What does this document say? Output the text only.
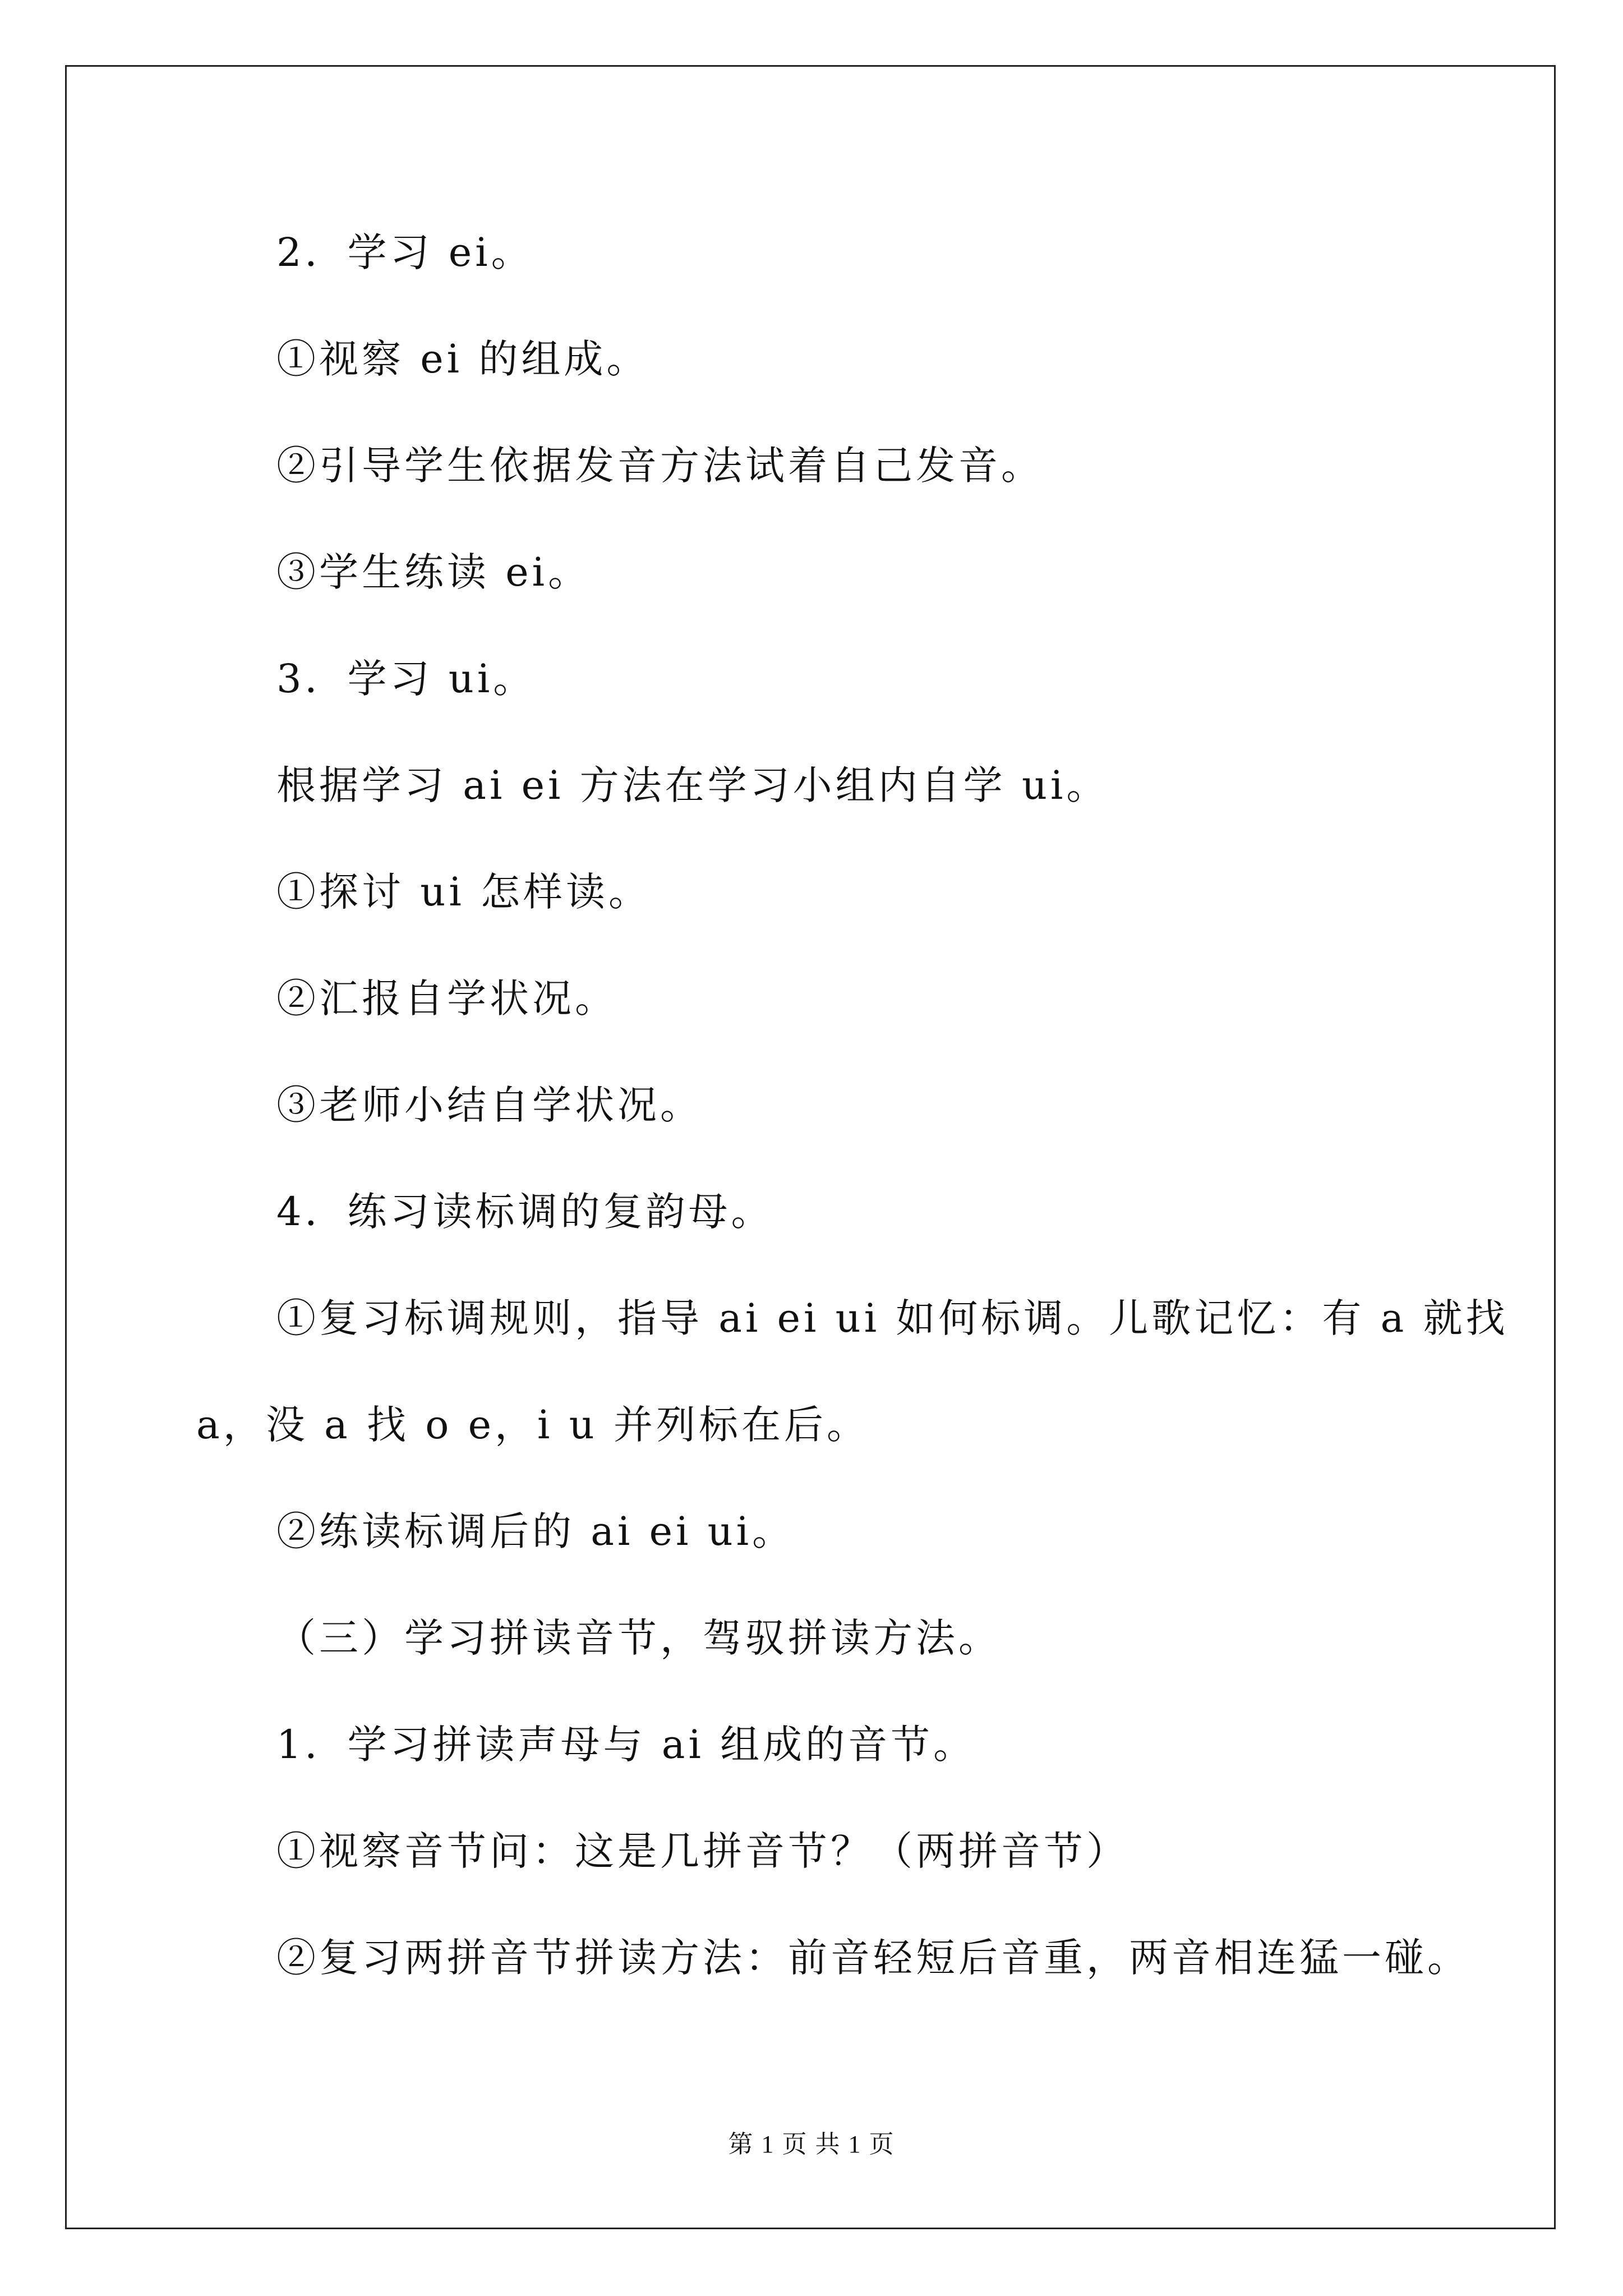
2．学习 ei。
①视察 ei 的组成。
②引导学生依据发音方法试着自己发音。
③学生练读 ei。
3．学习 ui。
根据学习 ai ei 方法在学习小组内自学 ui。
①探讨 ui 怎样读。
②汇报自学状况。
③老师小结自学状况。
4．练习读标调的复韵母。
①复习标调规则，指导 ai ei ui 如何标调。儿歌记忆：有 a 就找
a，没 a 找 o e，i u 并列标在后。
②练读标调后的 ai ei ui。
（三）学习拼读音节，驾驭拼读方法。
1．学习拼读声母与 ai 组成的音节。
①视察音节问：这是几拼音节？（两拼音节）
②复习两拼音节拼读方法：前音轻短后音重，两音相连猛一碰。
第 1 页 共 1 页
